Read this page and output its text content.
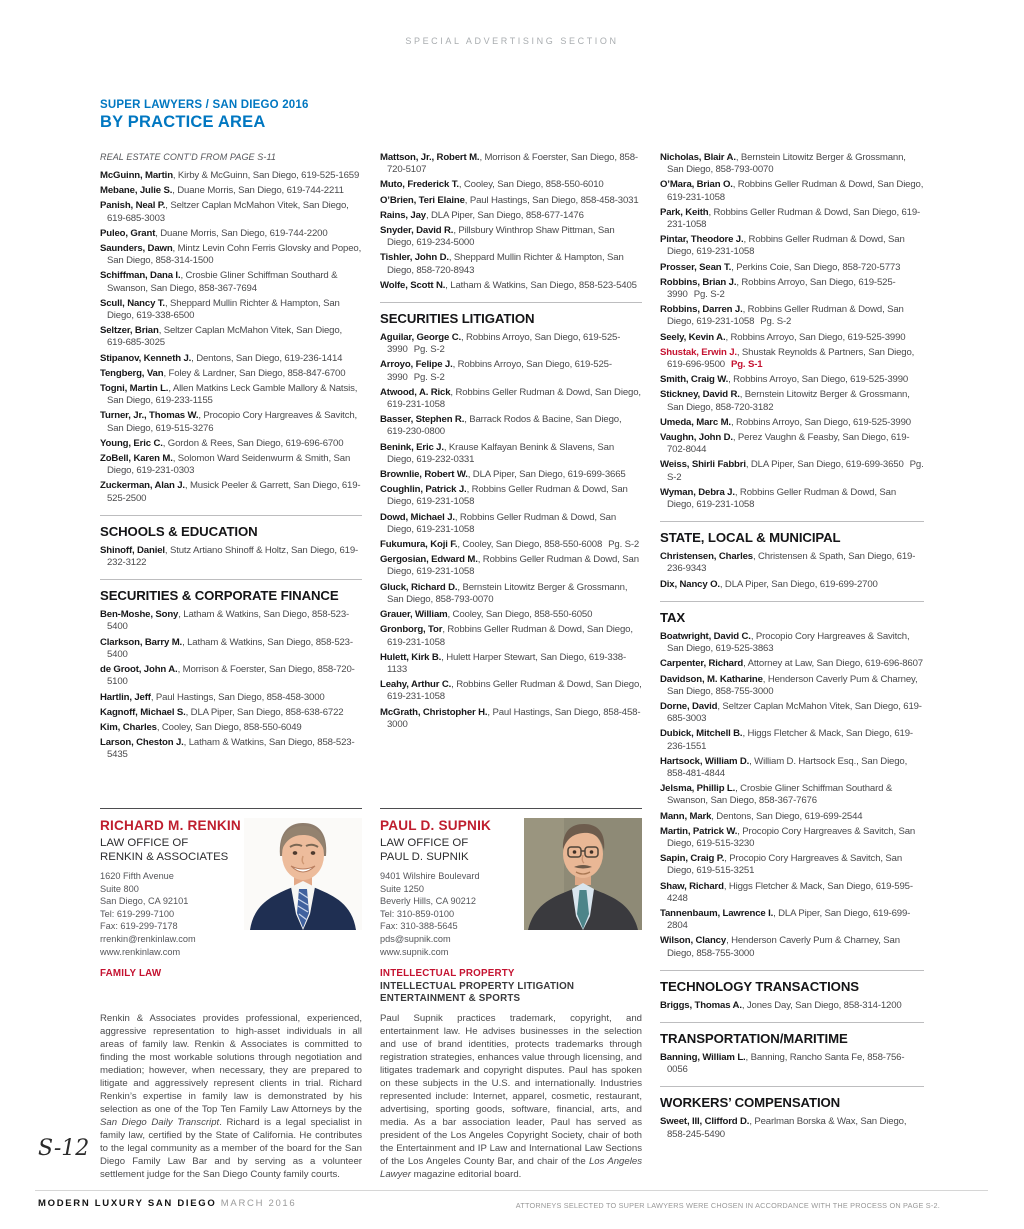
SPECIAL ADVERTISING SECTION
SUPER LAWYERS / SAN DIEGO 2016
BY PRACTICE AREA
REAL ESTATE CONT’D FROM PAGE S-11
McGuinn, Martin, Kirby & McGuinn, San Diego, 619-525-1659
Mebane, Julie S., Duane Morris, San Diego, 619-744-2211
Panish, Neal P., Seltzer Caplan McMahon Vitek, San Diego, 619-685-3003
Puleo, Grant, Duane Morris, San Diego, 619-744-2200
Saunders, Dawn, Mintz Levin Cohn Ferris Glovsky and Popeo, San Diego, 858-314-1500
Schiffman, Dana I., Crosbie Gliner Schiffman Southard & Swanson, San Diego, 858-367-7694
Scull, Nancy T., Sheppard Mullin Richter & Hampton, San Diego, 619-338-6500
Seltzer, Brian, Seltzer Caplan McMahon Vitek, San Diego, 619-685-3025
Stipanov, Kenneth J., Dentons, San Diego, 619-236-1414
Tengberg, Van, Foley & Lardner, San Diego, 858-847-6700
Togni, Martin L., Allen Matkins Leck Gamble Mallory & Natsis, San Diego, 619-233-1155
Turner, Jr., Thomas W., Procopio Cory Hargreaves & Savitch, San Diego, 619-515-3276
Young, Eric C., Gordon & Rees, San Diego, 619-696-6700
ZoBell, Karen M., Solomon Ward Seidenwurm & Smith, San Diego, 619-231-0303
Zuckerman, Alan J., Musick Peeler & Garrett, San Diego, 619-525-2500
SCHOOLS & EDUCATION
Shinoff, Daniel, Stutz Artiano Shinoff & Holtz, San Diego, 619-232-3122
SECURITIES & CORPORATE FINANCE
Ben-Moshe, Sony, Latham & Watkins, San Diego, 858-523-5400
Clarkson, Barry M., Latham & Watkins, San Diego, 858-523-5400
de Groot, John A., Morrison & Foerster, San Diego, 858-720-5100
Hartlin, Jeff, Paul Hastings, San Diego, 858-458-3000
Kagnoff, Michael S., DLA Piper, San Diego, 858-638-6722
Kim, Charles, Cooley, San Diego, 858-550-6049
Larson, Cheston J., Latham & Watkins, San Diego, 858-523-5435
Mattson, Jr., Robert M., Morrison & Foerster, San Diego, 858-720-5107
Muto, Frederick T., Cooley, San Diego, 858-550-6010
O’Brien, Teri Elaine, Paul Hastings, San Diego, 858-458-3031
Rains, Jay, DLA Piper, San Diego, 858-677-1476
Snyder, David R., Pillsbury Winthrop Shaw Pittman, San Diego, 619-234-5000
Tishler, John D., Sheppard Mullin Richter & Hampton, San Diego, 858-720-8943
Wolfe, Scott N., Latham & Watkins, San Diego, 858-523-5405
SECURITIES LITIGATION
Aguilar, George C., Robbins Arroyo, San Diego, 619-525-3990 Pg. S-2
Arroyo, Felipe J., Robbins Arroyo, San Diego, 619-525-3990 Pg. S-2
Atwood, A. Rick, Robbins Geller Rudman & Dowd, San Diego, 619-231-1058
Basser, Stephen R., Barrack Rodos & Bacine, San Diego, 619-230-0800
Benink, Eric J., Krause Kalfayan Benink & Slavens, San Diego, 619-232-0331
Brownlie, Robert W., DLA Piper, San Diego, 619-699-3665
Coughlin, Patrick J., Robbins Geller Rudman & Dowd, San Diego, 619-231-1058
Dowd, Michael J., Robbins Geller Rudman & Dowd, San Diego, 619-231-1058
Fukumura, Koji F., Cooley, San Diego, 858-550-6008 Pg. S-2
Gergosian, Edward M., Robbins Geller Rudman & Dowd, San Diego, 619-231-1058
Gluck, Richard D., Bernstein Litowitz Berger & Grossmann, San Diego, 858-793-0070
Grauer, William, Cooley, San Diego, 858-550-6050
Gronborg, Tor, Robbins Geller Rudman & Dowd, San Diego, 619-231-1058
Hulett, Kirk B., Hulett Harper Stewart, San Diego, 619-338-1133
Leahy, Arthur C., Robbins Geller Rudman & Dowd, San Diego, 619-231-1058
McGrath, Christopher H., Paul Hastings, San Diego, 858-458-3000
Nicholas, Blair A., Bernstein Litowitz Berger & Grossmann, San Diego, 858-793-0070
O’Mara, Brian O., Robbins Geller Rudman & Dowd, San Diego, 619-231-1058
Park, Keith, Robbins Geller Rudman & Dowd, San Diego, 619-231-1058
Pintar, Theodore J., Robbins Geller Rudman & Dowd, San Diego, 619-231-1058
Prosser, Sean T., Perkins Coie, San Diego, 858-720-5773
Robbins, Brian J., Robbins Arroyo, San Diego, 619-525-3990 Pg. S-2
Robbins, Darren J., Robbins Geller Rudman & Dowd, San Diego, 619-231-1058 Pg. S-2
Seely, Kevin A., Robbins Arroyo, San Diego, 619-525-3990
Shustak, Erwin J., Shustak Reynolds & Partners, San Diego, 619-696-9500 Pg. S-1
Smith, Craig W., Robbins Arroyo, San Diego, 619-525-3990
Stickney, David R., Bernstein Litowitz Berger & Grossmann, San Diego, 858-720-3182
Umeda, Marc M., Robbins Arroyo, San Diego, 619-525-3990
Vaughn, John D., Perez Vaughn & Feasby, San Diego, 619-702-8044
Weiss, Shirli Fabbri, DLA Piper, San Diego, 619-699-3650 Pg. S-2
Wyman, Debra J., Robbins Geller Rudman & Dowd, San Diego, 619-231-1058
STATE, LOCAL & MUNICIPAL
Christensen, Charles, Christensen & Spath, San Diego, 619-236-9343
Dix, Nancy O., DLA Piper, San Diego, 619-699-2700
TAX
Boatwright, David C., Procopio Cory Hargreaves & Savitch, San Diego, 619-525-3863
Carpenter, Richard, Attorney at Law, San Diego, 619-696-8607
Davidson, M. Katharine, Henderson Caverly Pum & Charney, San Diego, 858-755-3000
Dorne, David, Seltzer Caplan McMahon Vitek, San Diego, 619-685-3003
Dubick, Mitchell B., Higgs Fletcher & Mack, San Diego, 619-236-1551
Hartsock, William D., William D. Hartsock Esq., San Diego, 858-481-4844
Jelsma, Phillip L., Crosbie Gliner Schiffman Southard & Swanson, San Diego, 858-367-7676
Mann, Mark, Dentons, San Diego, 619-699-2544
Martin, Patrick W., Procopio Cory Hargreaves & Savitch, San Diego, 619-515-3230
Sapin, Craig P., Procopio Cory Hargreaves & Savitch, San Diego, 619-515-3251
Shaw, Richard, Higgs Fletcher & Mack, San Diego, 619-595-4248
Tannenbaum, Lawrence I., DLA Piper, San Diego, 619-699-2804
Wilson, Clancy, Henderson Caverly Pum & Charney, San Diego, 858-755-3000
TECHNOLOGY TRANSACTIONS
Briggs, Thomas A., Jones Day, San Diego, 858-314-1200
TRANSPORTATION/MARITIME
Banning, William L., Banning, Rancho Santa Fe, 858-756-0056
WORKERS’ COMPENSATION
Sweet, III, Clifford D., Pearlman Borska & Wax, San Diego, 858-245-5490
RICHARD M. RENKIN
LAW OFFICE OF
RENKIN & ASSOCIATES
1620 Fifth Avenue
Suite 800
San Diego, CA 92101
Tel: 619-299-7100
Fax: 619-299-7178
rrenkin@renkinlaw.com
www.renkinlaw.com
FAMILY LAW

Renkin & Associates provides professional, experienced, aggressive representation to high-asset individuals in all areas of family law. Renkin & Associates is committed to finding the most workable solutions through negotiation and mediation; however, when necessary, they are prepared to litigate and aggressively represent clients in trial. Richard Renkin’s expertise in family law is demonstrated by his selection as one of the Top Ten Family Law Attorneys by the San Diego Daily Transcript. Richard is a legal specialist in family law, certified by the State of California. He contributes to the legal community as a member of the board for the San Diego Family Law Bar and by serving as a volunteer settlement judge for the San Diego County family courts.

PAUL D. SUPNIK
LAW OFFICE OF
PAUL D. SUPNIK
9401 Wilshire Boulevard
Suite 1250
Beverly Hills, CA 90212
Tel: 310-859-0100
Fax: 310-388-5645
pds@supnik.com
www.supnik.com
INTELLECTUAL PROPERTY
INTELLECTUAL PROPERTY LITIGATION
ENTERTAINMENT & SPORTS

Paul Supnik practices trademark, copyright, and entertainment law. He advises businesses in the selection and use of brand identities, protects trademarks through registration strategies, enhances value through licensing, and litigates trademark and copyright disputes. Paul has spoken on these subjects in the U.S. and internationally. Industries represented include: Internet, apparel, cosmetic, restaurant, advertising, sporting goods, software, financial, arts, and media. As a bar association leader, Paul has served as president of the Los Angeles Copyright Society, chair of both the Entertainment and IP Law and International Law Sections of the Los Angeles County Bar, and chair of the Los Angeles Lawyer magazine editorial board.

S-12
MODERN LUXURY SAN DIEGO MARCH 2016	ATTORNEYS SELECTED TO SUPER LAWYERS WERE CHOSEN IN ACCORDANCE WITH THE PROCESS ON PAGE S-2.
